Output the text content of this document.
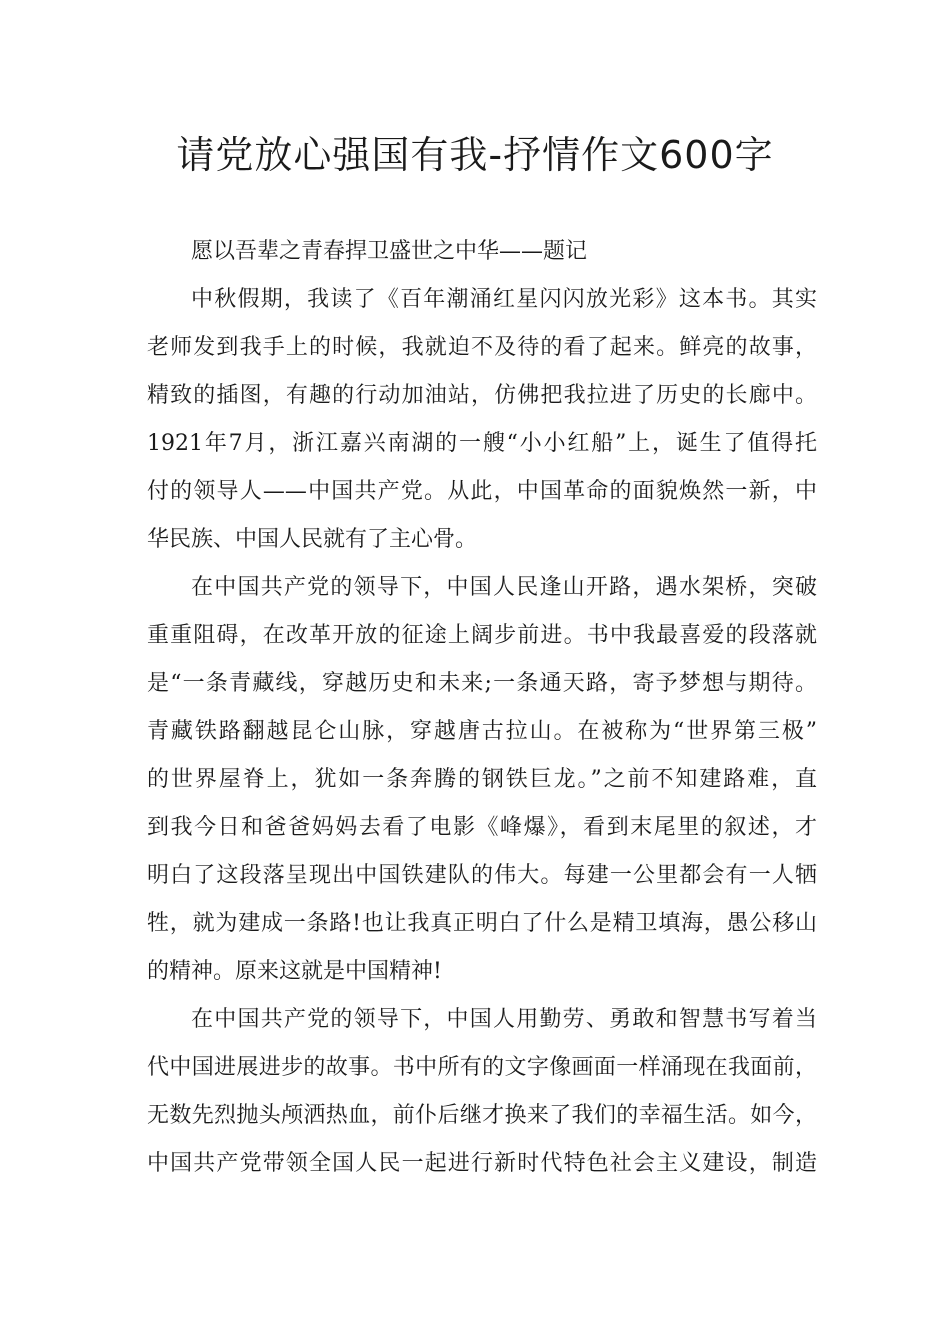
请党放心强国有我-抒情作文600字
愿以吾辈之青春捍卫盛世之中华——题记
中秋假期，我读了《百年潮涌红星闪闪放光彩》这本书。其实
老师发到我手上的时候，我就迫不及待的看了起来。鲜亮的故事，
精致的插图，有趣的行动加油站，仿佛把我拉进了历史的长廊中。
1921年7月，浙江嘉兴南湖的一艘“小小红船”上，诞生了值得托
付的领导人——中国共产党。从此，中国革命的面貌焕然一新，中
华民族、中国人民就有了主心骨。
在中国共产党的领导下，中国人民逢山开路，遇水架桥，突破
重重阻碍，在改革开放的征途上阔步前进。书中我最喜爱的段落就
是“一条青藏线，穿越历史和未来;一条通天路，寄予梦想与期待。
青藏铁路翻越昆仑山脉，穿越唐古拉山。在被称为“世界第三极”
的世界屋脊上，犹如一条奔腾的钢铁巨龙。”之前不知建路难，直
到我今日和爸爸妈妈去看了电影《峰爆》，看到末尾里的叙述，才
明白了这段落呈现出中国铁建队的伟大。每建一公里都会有一人牺
牲，就为建成一条路!也让我真正明白了什么是精卫填海，愚公移山
的精神。原来这就是中国精神!
在中国共产党的领导下，中国人用勤劳、勇敢和智慧书写着当
代中国进展进步的故事。书中所有的文字像画面一样涌现在我面前，
无数先烈抛头颅洒热血，前仆后继才换来了我们的幸福生活。如今，
中国共产党带领全国人民一起进行新时代特色社会主义建设，制造
